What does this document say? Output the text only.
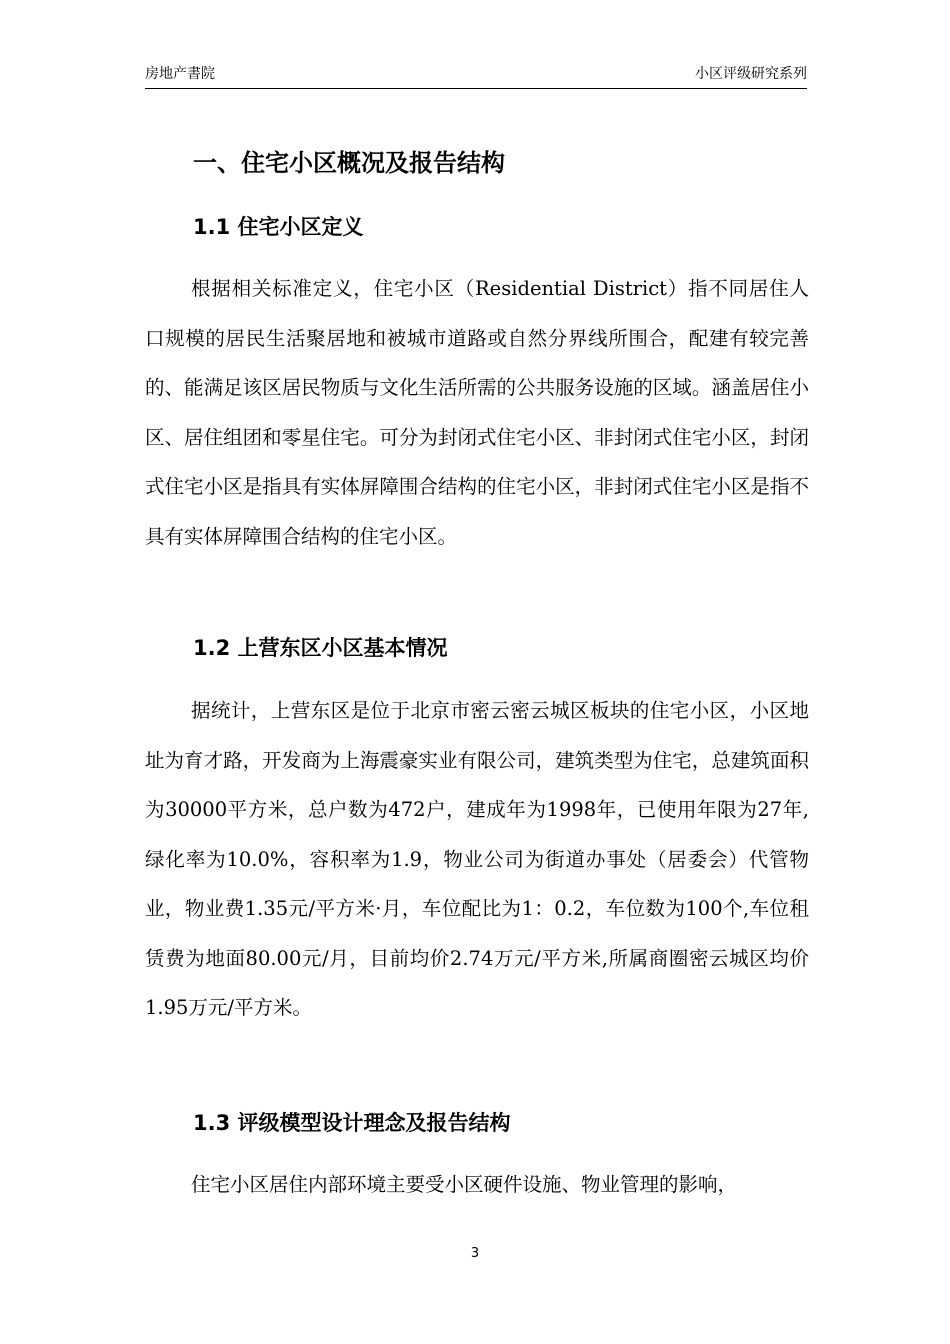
房地产書院	小区评级研究系列
一、住宅小区概况及报告结构
1.1 住宅小区定义

根据相关标准定义，住宅小区（Residential District）指不同居住人口规模的居民生活聚居地和被城市道路或自然分界线所围合，配建有较完善的、能满足该区居民物质与文化生活所需的公共服务设施的区域。涵盖居住小区、居住组团和零星住宅。可分为封闭式住宅小区、非封闭式住宅小区，封闭式住宅小区是指具有实体屏障围合结构的住宅小区，非封闭式住宅小区是指不具有实体屏障围合结构的住宅小区。

1.2 上营东区小区基本情况

据统计，上营东区是位于北京市密云密云城区板块的住宅小区，小区地址为育才路，开发商为上海震豪实业有限公司，建筑类型为住宅，总建筑面积为30000平方米，总户数为472户，建成年为1998年，已使用年限为27年,绿化率为10.0%，容积率为1.9，物业公司为街道办事处（居委会）代管物业，物业费1.35元/平方米·月，车位配比为1：0.2，车位数为100个,车位租赁费为地面80.00元/月，目前均价2.74万元/平方米,所属商圈密云城区均价1.95万元/平方米。

1.3 评级模型设计理念及报告结构

住宅小区居住内部环境主要受小区硬件设施、物业管理的影响，

3
